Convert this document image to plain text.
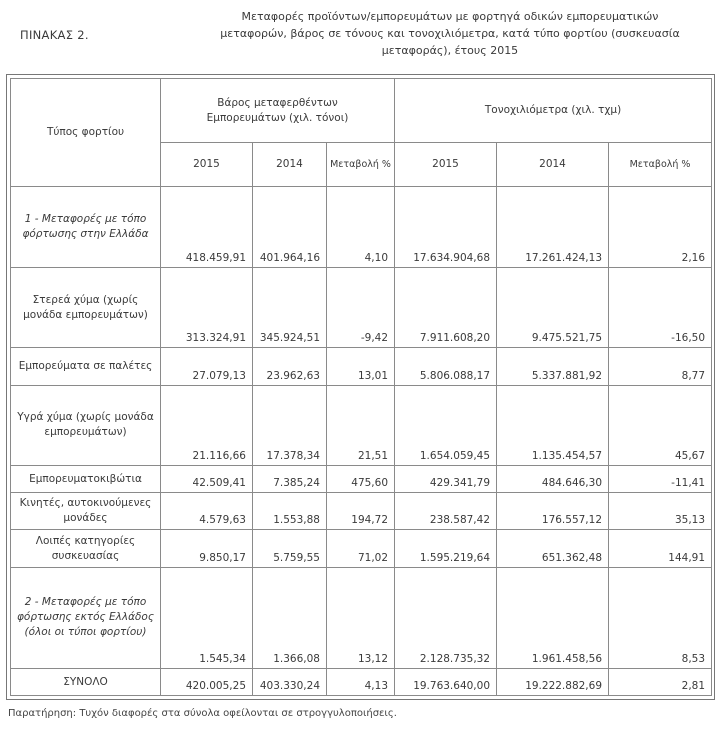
ΠΙΝΑΚΑΣ 2.
Μεταφορές προϊόντων/εμπορευμάτων με φορτηγά οδικών εμπορευματικών
μεταφορών, βάρος σε τόνους και τονοχιλιόμετρα, κατά τύπο φορτίου (συσκευασία
μεταφοράς), έτους 2015
Τύπος φορτίου	Βάρος μεταφερθέντων Εμπορευμάτων (χιλ. τόνοι)			Τονοχιλιόμετρα (χιλ. τχμ)		
	2015	2014	Μεταβολή %	2015	2014	Μεταβολή %
1 - Μεταφορές με τόπο φόρτωσης στην Ελλάδα	418.459,91	401.964,16	4,10	17.634.904,68	17.261.424,13	2,16
Στερεά χύμα (χωρίς μονάδα εμπορευμάτων)	313.324,91	345.924,51	-9,42	7.911.608,20	9.475.521,75	-16,50
Εμπορεύματα σε παλέτες	27.079,13	23.962,63	13,01	5.806.088,17	5.337.881,92	8,77
Υγρά χύμα (χωρίς μονάδα εμπορευμάτων)	21.116,66	17.378,34	21,51	1.654.059,45	1.135.454,57	45,67
Εμπορευματοκιβώτια	42.509,41	7.385,24	475,60	429.341,79	484.646,30	-11,41
Κινητές, αυτοκινούμενες μονάδες	4.579,63	1.553,88	194,72	238.587,42	176.557,12	35,13
Λοιπές κατηγορίες συσκευασίας	9.850,17	5.759,55	71,02	1.595.219,64	651.362,48	144,91
2 - Μεταφορές με τόπο φόρτωσης εκτός Ελλάδος (όλοι οι τύποι φορτίου)	1.545,34	1.366,08	13,12	2.128.735,32	1.961.458,56	8,53
ΣΥΝΟΛΟ	420.005,25	403.330,24	4,13	19.763.640,00	19.222.882,69	2,81
Παρατήρηση: Τυχόν διαφορές στα σύνολα οφείλονται σε στρογγυλοποιήσεις.
